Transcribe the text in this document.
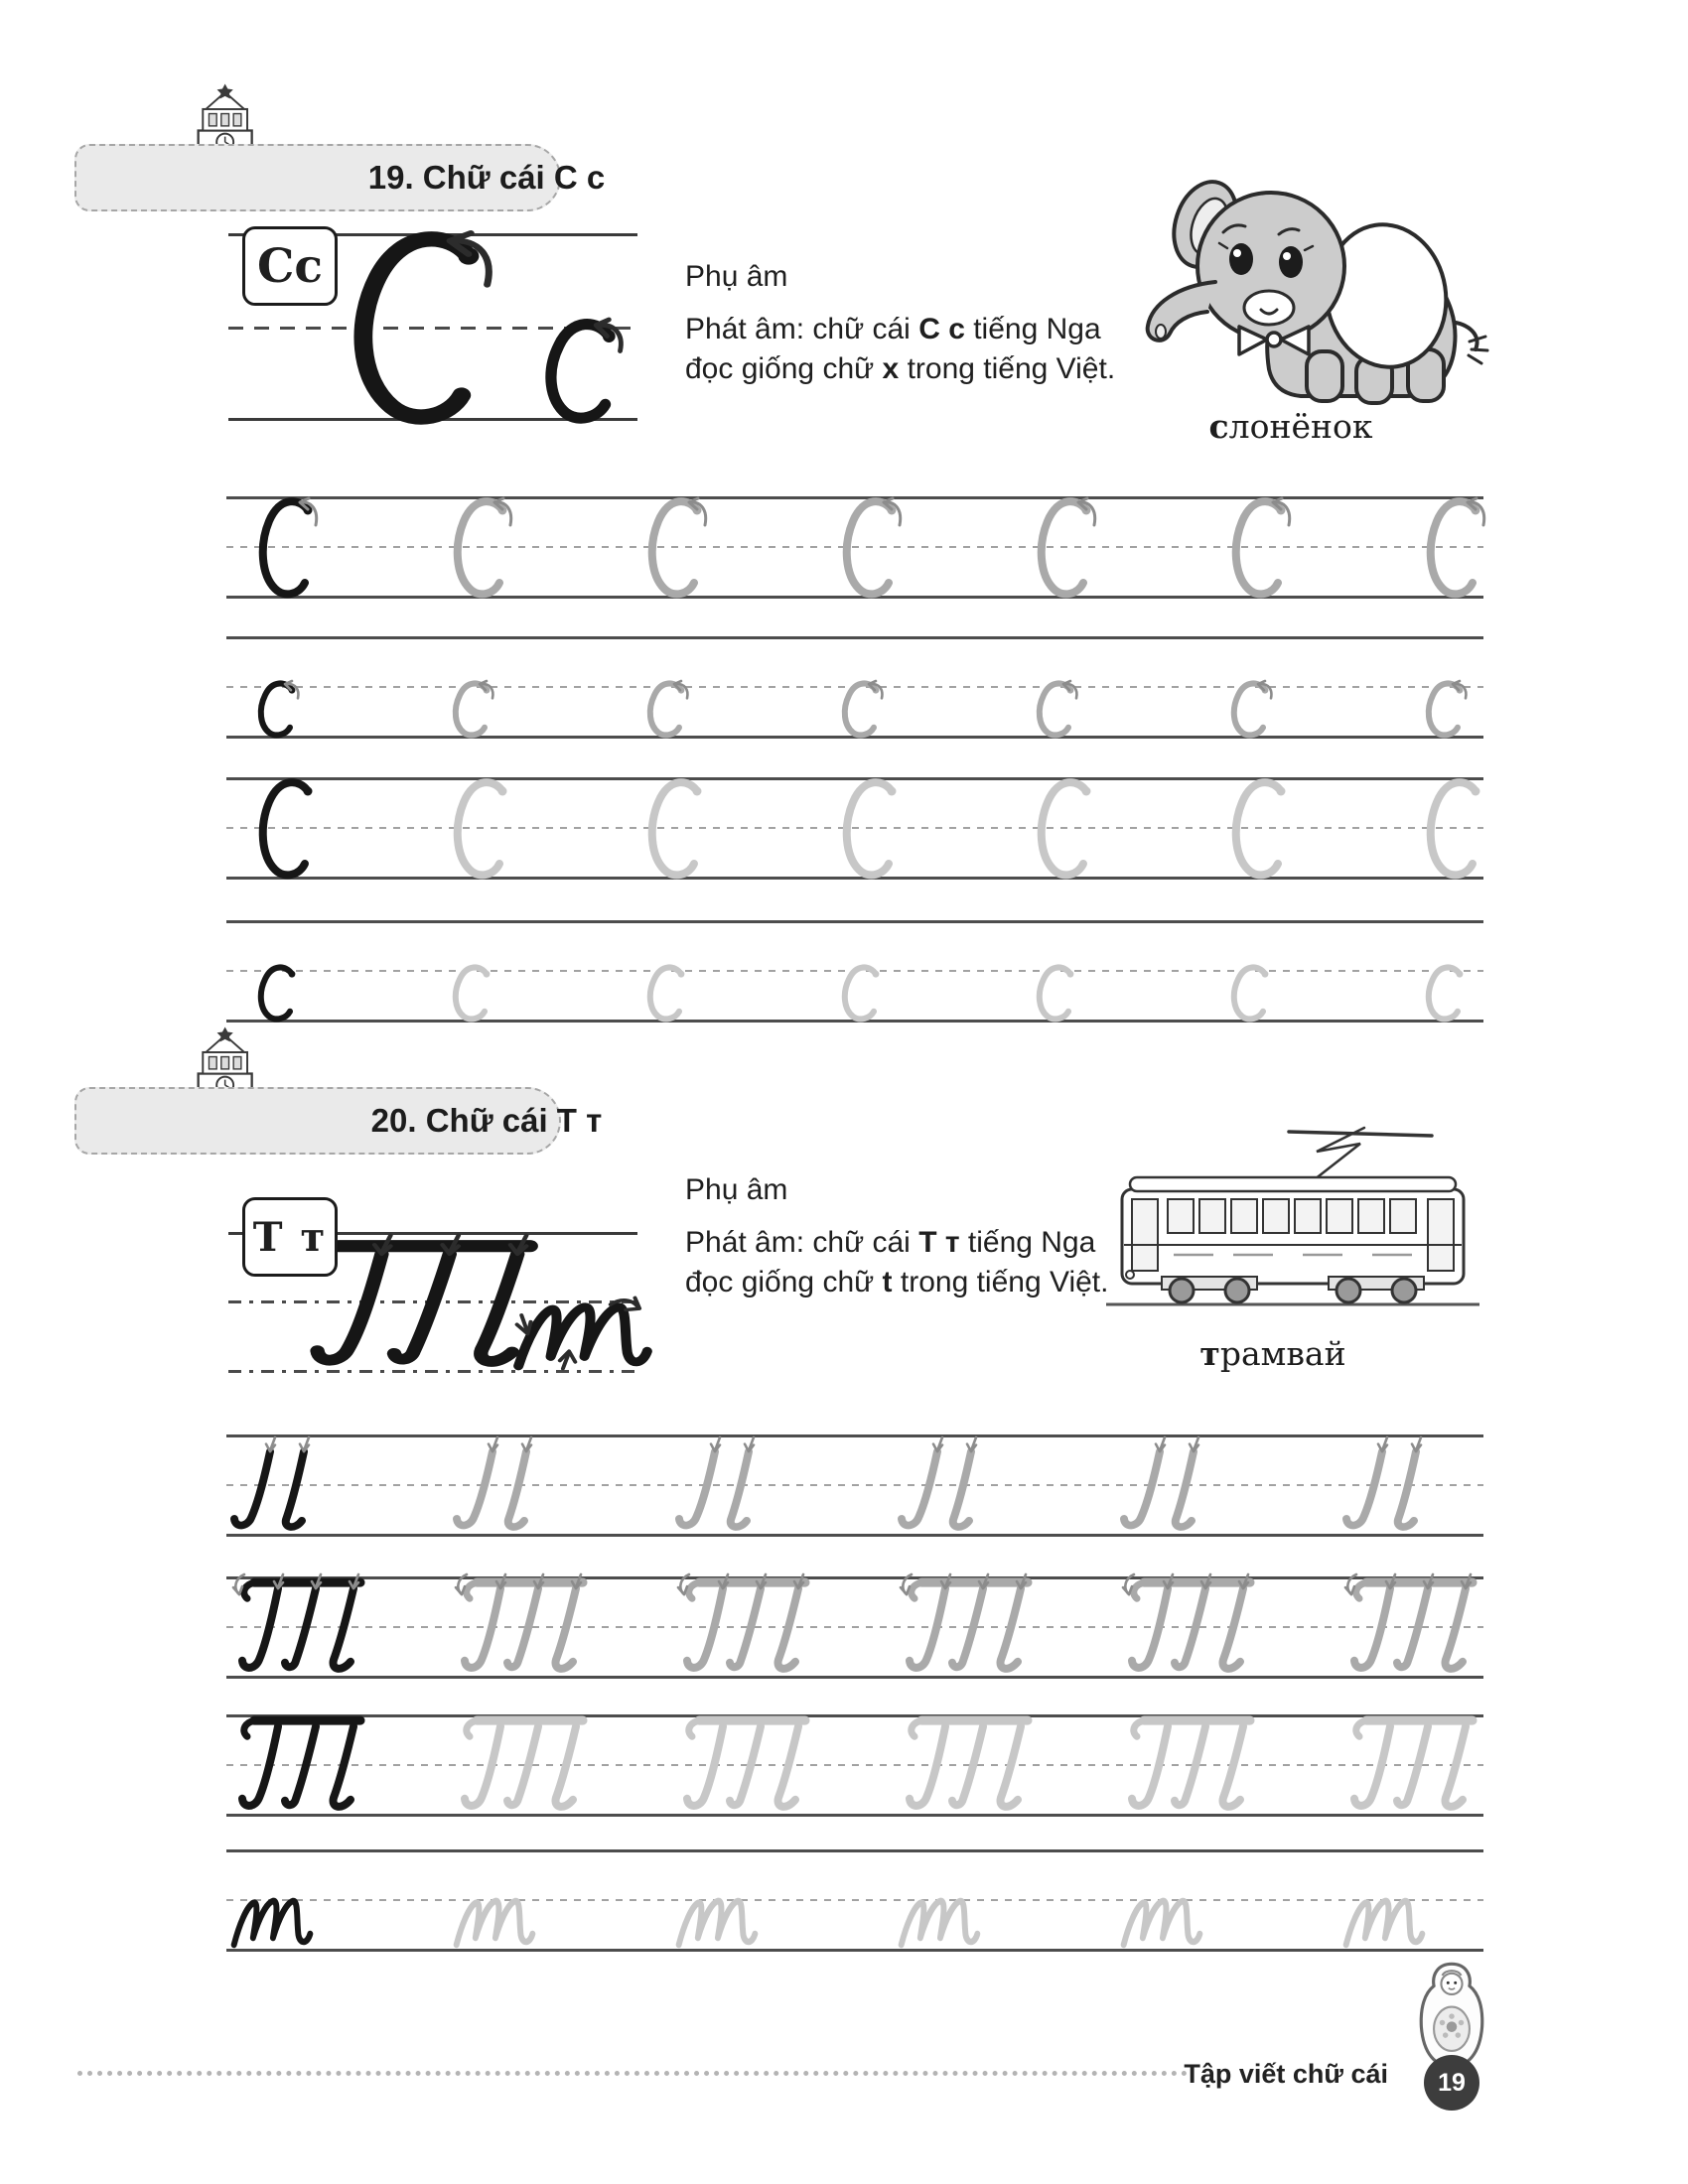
19. Chữ cái C c
Cc	Phụ âm
Phát âm: chữ cái C c tiếng Nga
đọc giống chữ x trong tiếng Việt.
слонёнок
20. Chữ cái T т
Т т
Phụ âm
Phát âm: chữ cái T т tiếng Nga
đọc giống chữ t trong tiếng Việt.
трамвай
Tập viết chữ cái	19
